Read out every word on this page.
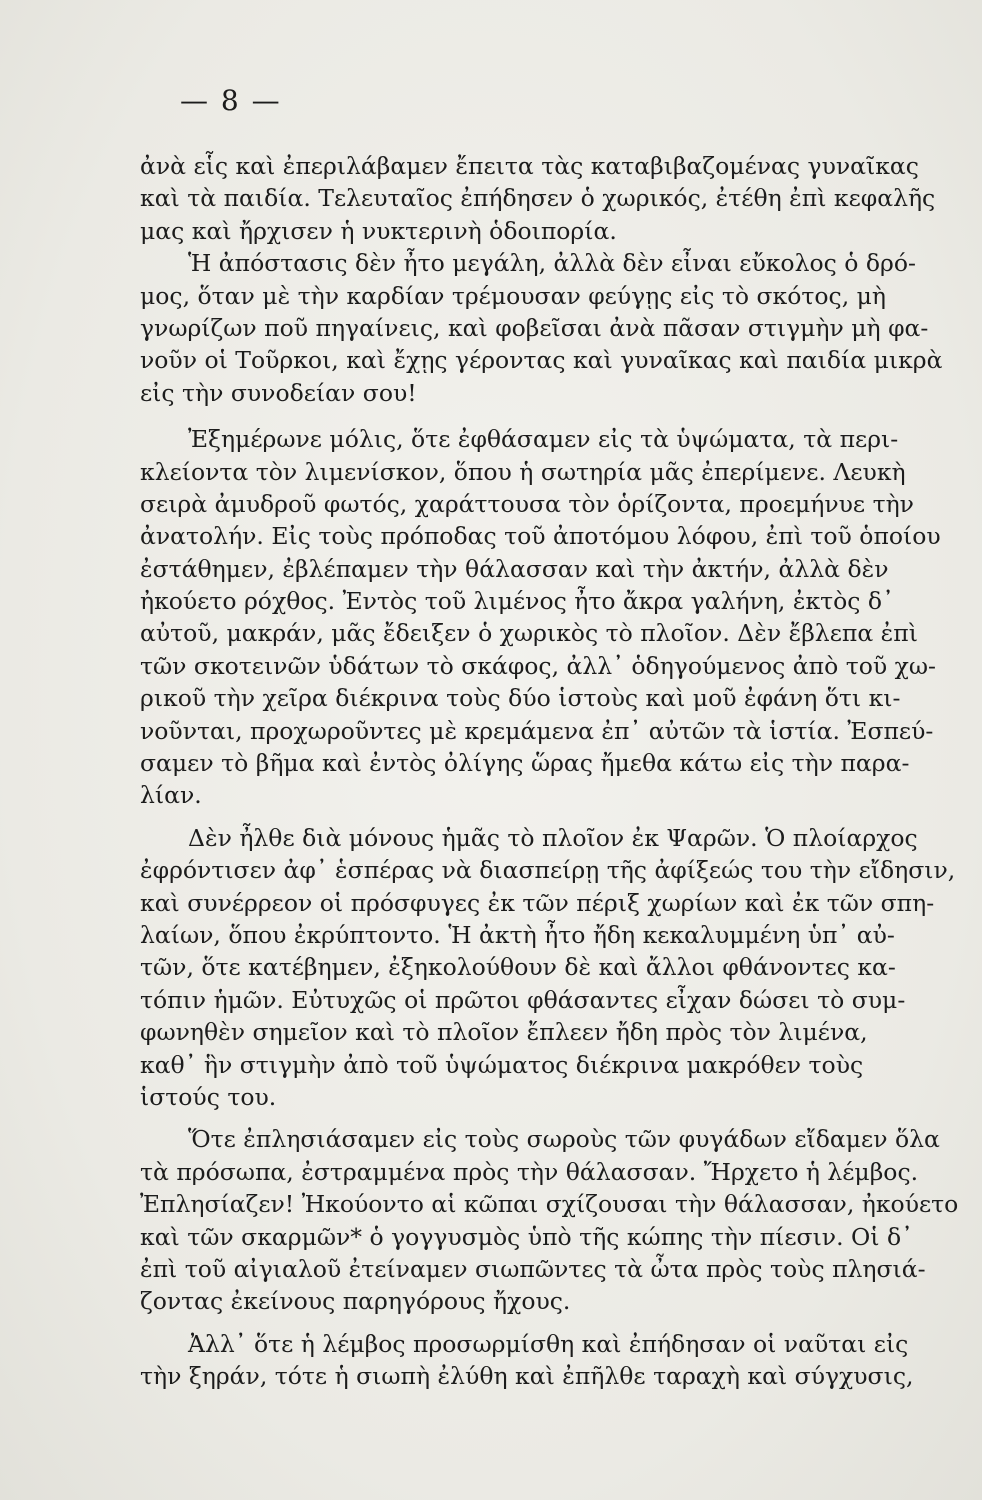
— 8 —
ἀνὰ εἷς καὶ ἐπεριλάβαμεν ἔπειτα τὰς καταβιβαζομένας γυναῖκας
καὶ τὰ παιδία. Τελευταῖος ἐπήδησεν ὁ χωρικός, ἐτέθη ἐπὶ κεφαλῆς
μας καὶ ἤρχισεν ἡ νυκτερινὴ ὁδοιπορία.
Ἡ ἀπόστασις δὲν ἦτο μεγάλη, ἀλλὰ δὲν εἶναι εὔκολος ὁ δρό-
μος, ὅταν μὲ τὴν καρδίαν τρέμουσαν φεύγῃς εἰς τὸ σκότος, μὴ
γνωρίζων ποῦ πηγαίνεις, καὶ φοβεῖσαι ἀνὰ πᾶσαν στιγμὴν μὴ φα-
νοῦν οἱ Τοῦρκοι, καὶ ἔχῃς γέροντας καὶ γυναῖκας καὶ παιδία μικρὰ
εἰς τὴν συνοδείαν σου!
Ἐξημέρωνε μόλις, ὅτε ἐφθάσαμεν εἰς τὰ ὑψώματα, τὰ περι-
κλείοντα τὸν λιμενίσκον, ὅπου ἡ σωτηρία μᾶς ἐπερίμενε. Λευκὴ
σειρὰ ἀμυδροῦ φωτός, χαράττουσα τὸν ὁρίζοντα, προεμήνυε τὴν
ἀνατολήν. Εἰς τοὺς πρόποδας τοῦ ἀποτόμου λόφου, ἐπὶ τοῦ ὁποίου
ἐστάθημεν, ἐβλέπαμεν τὴν θάλασσαν καὶ τὴν ἀκτήν, ἀλλὰ δὲν
ἠκούετο ρόχθος. Ἐντὸς τοῦ λιμένος ἦτο ἄκρα γαλήνη, ἐκτὸς δ᾽
αὐτοῦ, μακράν, μᾶς ἔδειξεν ὁ χωρικὸς τὸ πλοῖον. Δὲν ἔβλεπα ἐπὶ
τῶν σκοτεινῶν ὑδάτων τὸ σκάφος, ἀλλ᾽ ὁδηγούμενος ἀπὸ τοῦ χω-
ρικοῦ τὴν χεῖρα διέκρινα τοὺς δύο ἱστοὺς καὶ μοῦ ἐφάνη ὅτι κι-
νοῦνται, προχωροῦντες μὲ κρεμάμενα ἐπ᾽ αὐτῶν τὰ ἱστία. Ἐσπεύ-
σαμεν τὸ βῆμα καὶ ἐντὸς ὀλίγης ὥρας ἤμεθα κάτω εἰς τὴν παρα-
λίαν.
Δὲν ἦλθε διὰ μόνους ἡμᾶς τὸ πλοῖον ἐκ Ψαρῶν. Ὁ πλοίαρχος
ἐφρόντισεν ἀφ᾽ ἑσπέρας νὰ διασπείρῃ τῆς ἀφίξεώς του τὴν εἴδησιν,
καὶ συνέρρεον οἱ πρόσφυγες ἐκ τῶν πέριξ χωρίων καὶ ἐκ τῶν σπη-
λαίων, ὅπου ἐκρύπτοντο. Ἡ ἀκτὴ ἦτο ἤδη κεκαλυμμένη ὑπ᾽ αὐ-
τῶν, ὅτε κατέβημεν, ἐξηκολούθουν δὲ καὶ ἄλλοι φθάνοντες κα-
τόπιν ἡμῶν. Εὐτυχῶς οἱ πρῶτοι φθάσαντες εἶχαν δώσει τὸ συμ-
φωνηθὲν σημεῖον καὶ τὸ πλοῖον ἔπλεεν ἤδη πρὸς τὸν λιμένα,
καθ᾽ ἣν στιγμὴν ἀπὸ τοῦ ὑψώματος διέκρινα μακρόθεν τοὺς
ἱστούς του.
Ὅτε ἐπλησιάσαμεν εἰς τοὺς σωροὺς τῶν φυγάδων εἴδαμεν ὅλα
τὰ πρόσωπα, ἐστραμμένα πρὸς τὴν θάλασσαν. Ἤρχετο ἡ λέμβος.
Ἐπλησίαζεν! Ἠκούοντο αἱ κῶπαι σχίζουσαι τὴν θάλασσαν, ἠκούετο
καὶ τῶν σκαρμῶν* ὁ γογγυσμὸς ὑπὸ τῆς κώπης τὴν πίεσιν. Οἱ δ᾽
ἐπὶ τοῦ αἰγιαλοῦ ἐτείναμεν σιωπῶντες τὰ ὦτα πρὸς τοὺς πλησιά-
ζοντας ἐκείνους παρηγόρους ἤχους.
Ἀλλ᾽ ὅτε ἡ λέμβος προσωρμίσθη καὶ ἐπήδησαν οἱ ναῦται εἰς
τὴν ξηράν, τότε ἡ σιωπὴ ἐλύθη καὶ ἐπῆλθε ταραχὴ καὶ σύγχυσις,
